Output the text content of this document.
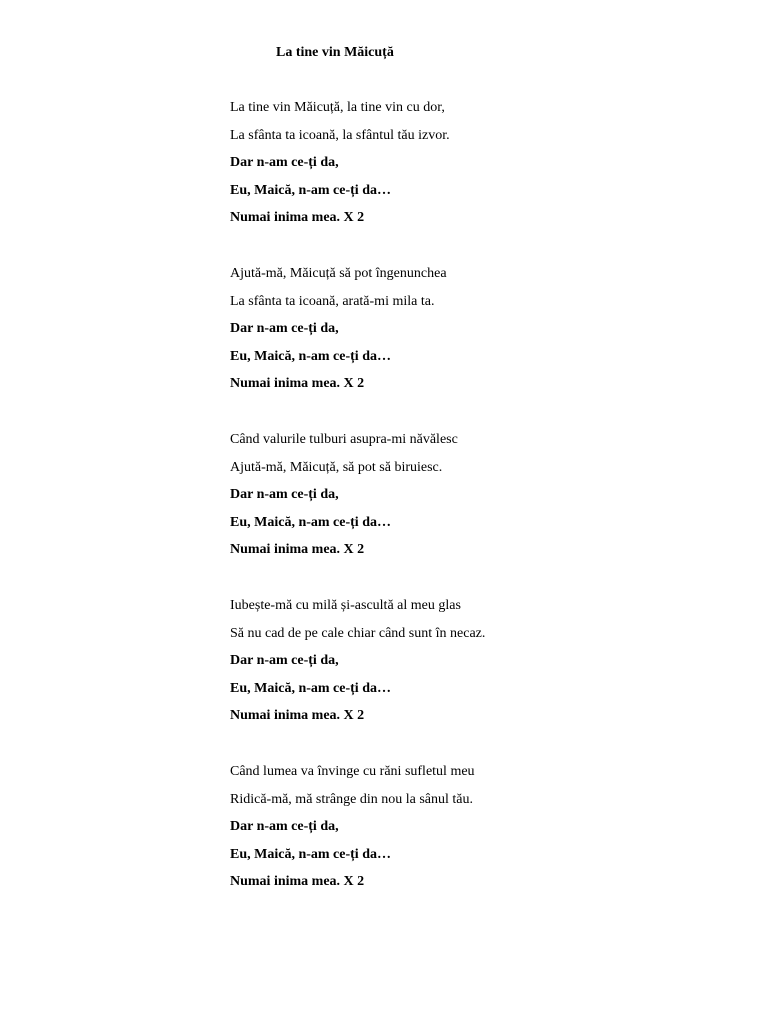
La tine vin Măicuță
La tine vin Măicuță, la tine vin cu dor,
La sfânta ta icoană, la sfântul tău izvor.
Dar n-am ce-ți da,
Eu, Maică, n-am ce-ți da…
Numai inima mea. X 2
Ajută-mă, Măicuță să pot îngenunchea
La sfânta ta icoană, arată-mi mila ta.
Dar n-am ce-ți da,
Eu, Maică, n-am ce-ți da…
Numai inima mea. X 2
Când valurile tulburi asupra-mi năvălesc
Ajută-mă, Măicuță, să pot să biruiesc.
Dar n-am ce-ți da,
Eu, Maică, n-am ce-ți da…
Numai inima mea. X 2
Iubește-mă cu milă și-ascultă al meu glas
Să nu cad de pe cale chiar când sunt în necaz.
Dar n-am ce-ți da,
Eu, Maică, n-am ce-ți da…
Numai inima mea. X 2
Când lumea va învinge cu răni sufletul meu
Ridică-mă, mă strânge din nou la sânul tău.
Dar n-am ce-ți da,
Eu, Maică, n-am ce-ți da…
Numai inima mea. X 2
